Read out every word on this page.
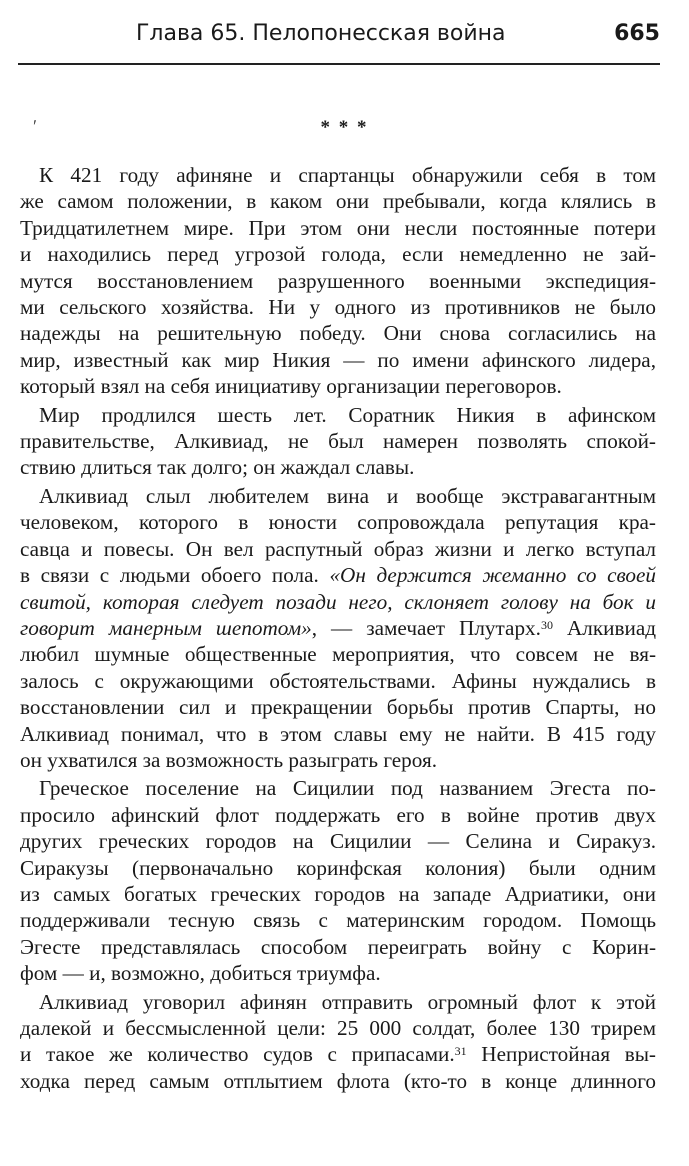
Глава 65. Пелопонесская война	665
ʹ	* * *

К 421 году афиняне и спартанцы обнаружили себя в том
же самом положении, в каком они пребывали, когда клялись в
Тридцатилетнем мире. При этом они несли постоянные потери
и находились перед угрозой голода, если немедленно не зай-
мутся восстановлением разрушенного военными экспедиция-
ми сельского хозяйства. Ни у одного из противников не было
надежды на решительную победу. Они снова согласились на
мир, известный как мир Никия — по имени афинского лидера,
который взял на себя инициативу организации переговоров.

Мир продлился шесть лет. Соратник Никия в афинском
правительстве, Алкивиад, не был намерен позволять спокой-
ствию длиться так долго; он жаждал славы.

Алкивиад слыл любителем вина и вообще экстравагантным
человеком, которого в юности сопровождала репутация кра-
савца и повесы. Он вел распутный образ жизни и легко вступал
в связи с людьми обоего пола. «Он держится жеманно со своей
свитой, которая следует позади него, склоняет голову на бок и
говорит манерным шепотом», — замечает Плутарх.$^{30}$ Алкивиад
любил шумные общественные мероприятия, что совсем не вя-
залось с окружающими обстоятельствами. Афины нуждались в
восстановлении сил и прекращении борьбы против Спарты, но
Алкивиад понимал, что в этом славы ему не найти. В 415 году
он ухватился за возможность разыграть героя.

Греческое поселение на Сицилии под названием Эгеста по-
просило афинский флот поддержать его в войне против двух
других греческих городов на Сицилии — Селина и Сиракуз.
Сиракузы (первоначально коринфская колония) были одним
из самых богатых греческих городов на западе Адриатики, они
поддерживали тесную связь с материнским городом. Помощь
Эгесте представлялась способом переиграть войну с Корин-
фом — и, возможно, добиться триумфа.

Алкивиад уговорил афинян отправить огромный флот к этой
далекой и бессмысленной цели: 25 000 солдат, более 130 трирем
и такое же количество судов с припасами.$^{31}$ Непристойная вы-
ходка перед самым отплытием флота (кто-то в конце длинного
